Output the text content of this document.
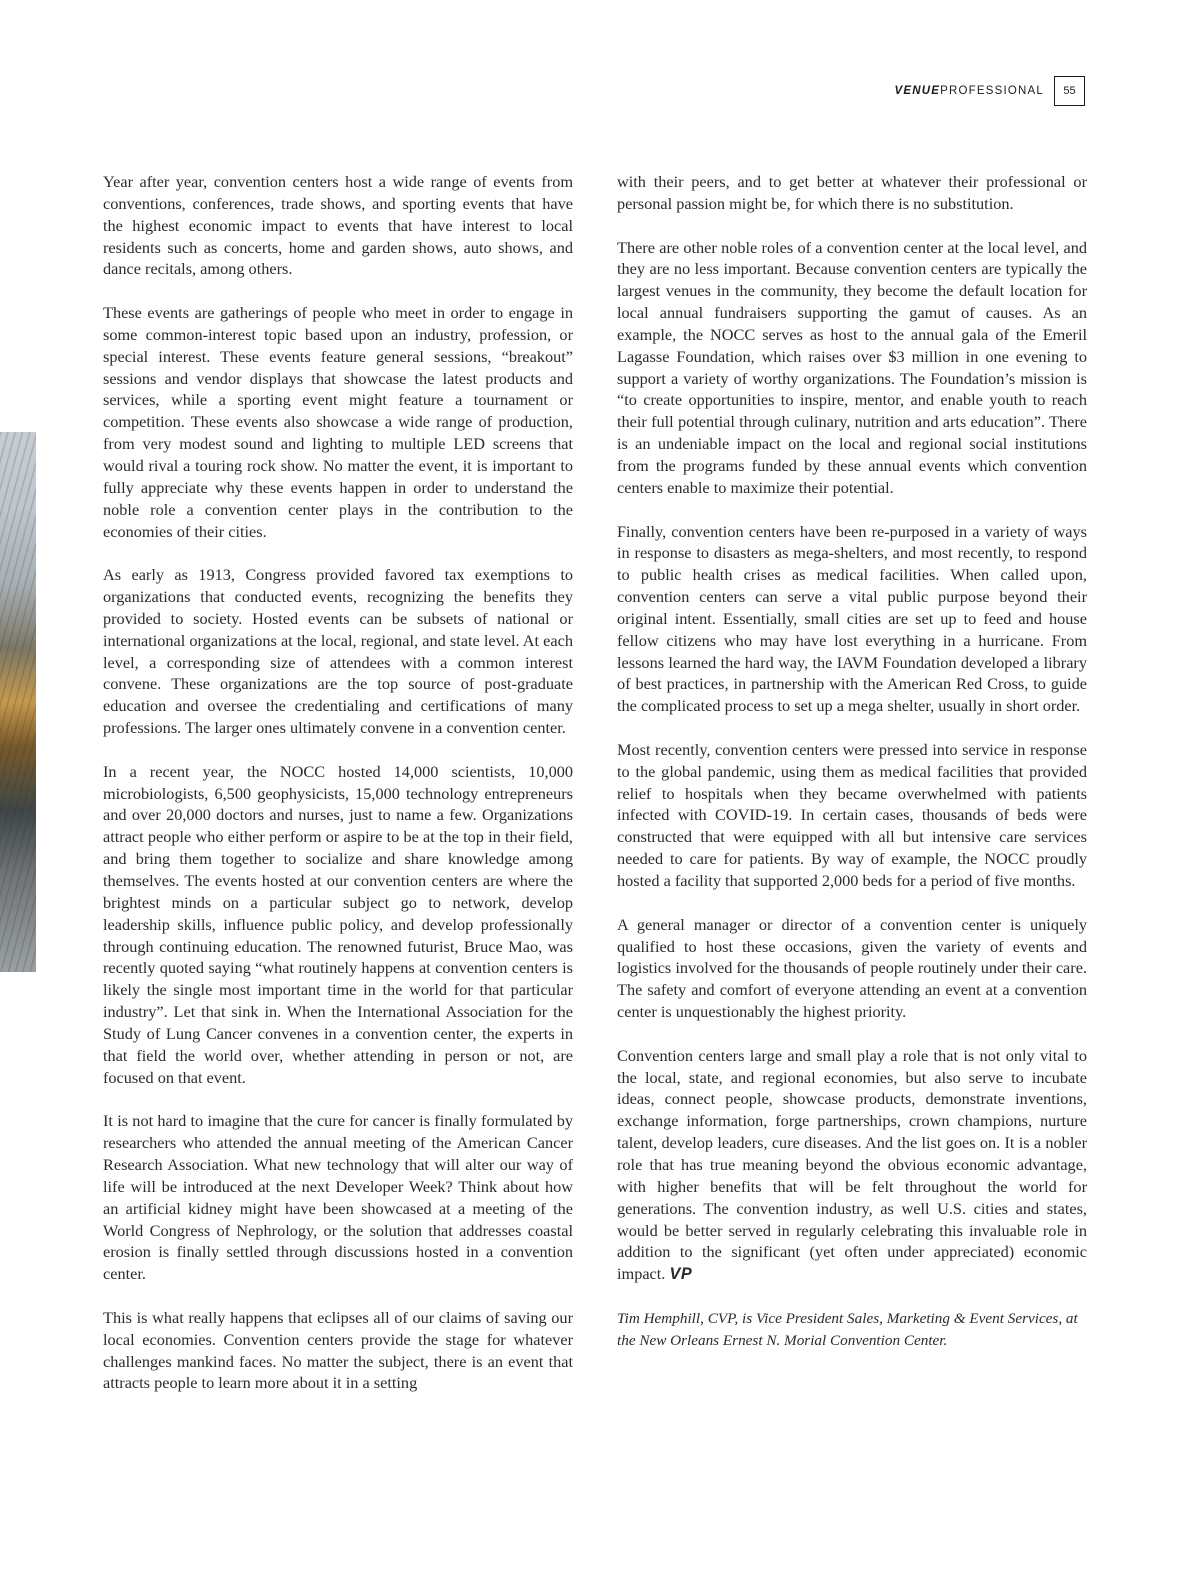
VENUEPROFESSIONAL	55

Year after year, convention centers host a wide range of events from conventions, conferences, trade shows, and sporting events that have the highest economic impact to events that have interest to local residents such as concerts, home and garden shows, auto shows, and dance recitals, among others.

These events are gatherings of people who meet in order to engage in some common-interest topic based upon an industry, profession, or special interest. These events feature general sessions, “breakout” sessions and vendor displays that showcase the latest products and services, while a sporting event might feature a tournament or competition. These events also showcase a wide range of production, from very modest sound and lighting to multiple LED screens that would rival a touring rock show. No matter the event, it is important to fully appreciate why these events happen in order to understand the noble role a convention center plays in the contribution to the economies of their cities.

As early as 1913, Congress provided favored tax exemptions to organizations that conducted events, recognizing the benefits they provided to society. Hosted events can be subsets of national or international organizations at the local, regional, and state level. At each level, a corresponding size of attendees with a common interest convene. These organizations are the top source of post-graduate education and oversee the credentialing and certifications of many professions. The larger ones ultimately convene in a convention center.

In a recent year, the NOCC hosted 14,000 scientists, 10,000 microbiologists, 6,500 geophysicists, 15,000 technology entrepreneurs and over 20,000 doctors and nurses, just to name a few. Organizations attract people who either perform or aspire to be at the top in their field, and bring them together to socialize and share knowledge among themselves. The events hosted at our convention centers are where the brightest minds on a particular subject go to network, develop leadership skills, influence public policy, and develop professionally through continuing education. The renowned futurist, Bruce Mao, was recently quoted saying “what routinely happens at convention centers is likely the single most important time in the world for that particular industry”. Let that sink in. When the International Association for the Study of Lung Cancer convenes in a convention center, the experts in that field the world over, whether attending in person or not, are focused on that event.

It is not hard to imagine that the cure for cancer is finally formulated by researchers who attended the annual meeting of the American Cancer Research Association. What new technology that will alter our way of life will be introduced at the next Developer Week? Think about how an artificial kidney might have been showcased at a meeting of the World Congress of Nephrology, or the solution that addresses coastal erosion is finally settled through discussions hosted in a convention center.

This is what really happens that eclipses all of our claims of saving our local economies. Convention centers provide the stage for whatever challenges mankind faces. No matter the subject, there is an event that attracts people to learn more about it in a setting

with their peers, and to get better at whatever their professional or personal passion might be, for which there is no substitution.

There are other noble roles of a convention center at the local level, and they are no less important. Because convention centers are typically the largest venues in the community, they become the default location for local annual fundraisers supporting the gamut of causes. As an example, the NOCC serves as host to the annual gala of the Emeril Lagasse Foundation, which raises over $3 million in one evening to support a variety of worthy organizations. The Foundation’s mission is “to create opportunities to inspire, mentor, and enable youth to reach their full potential through culinary, nutrition and arts education”. There is an undeniable impact on the local and regional social institutions from the programs funded by these annual events which convention centers enable to maximize their potential.

Finally, convention centers have been re-purposed in a variety of ways in response to disasters as mega-shelters, and most recently, to respond to public health crises as medical facilities. When called upon, convention centers can serve a vital public purpose beyond their original intent. Essentially, small cities are set up to feed and house fellow citizens who may have lost everything in a hurricane. From lessons learned the hard way, the IAVM Foundation developed a library of best practices, in partnership with the American Red Cross, to guide the complicated process to set up a mega shelter, usually in short order.

Most recently, convention centers were pressed into service in response to the global pandemic, using them as medical facilities that provided relief to hospitals when they became overwhelmed with patients infected with COVID-19. In certain cases, thousands of beds were constructed that were equipped with all but intensive care services needed to care for patients. By way of example, the NOCC proudly hosted a facility that supported 2,000 beds for a period of five months.

A general manager or director of a convention center is uniquely qualified to host these occasions, given the variety of events and logistics involved for the thousands of people routinely under their care. The safety and comfort of everyone attending an event at a convention center is unquestionably the highest priority.

Convention centers large and small play a role that is not only vital to the local, state, and regional economies, but also serve to incubate ideas, connect people, showcase products, demonstrate inventions, exchange information, forge partnerships, crown champions, nurture talent, develop leaders, cure diseases. And the list goes on. It is a nobler role that has true meaning beyond the obvious economic advantage, with higher benefits that will be felt throughout the world for generations. The convention industry, as well U.S. cities and states, would be better served in regularly celebrating this invaluable role in addition to the significant (yet often under appreciated) economic impact. VP

Tim Hemphill, CVP, is Vice President Sales, Marketing & Event Services, at the New Orleans Ernest N. Morial Convention Center.
